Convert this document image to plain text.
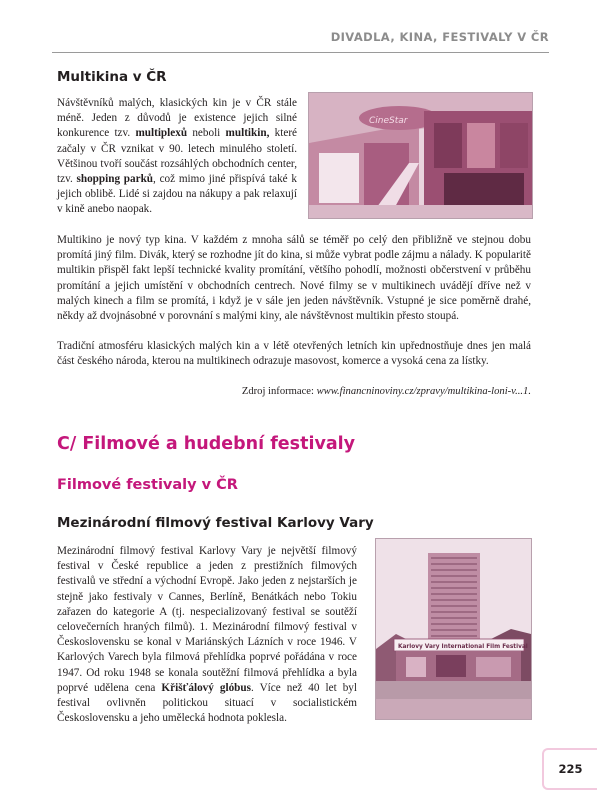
DIVADLA, KINA, FESTIVALY V ČR
Multikina v ČR

Návštěvníků malých, klasických kin je v ČR stále méně. Jeden z důvodů je existence jejich silné konkurence tzv. multiplexů neboli multikin, které začaly v ČR vznikat v 90. letech minulého století. Většinou tvoří součást rozsáhlých obchodních center, tzv. shopping parků, což mimo jiné přispívá také k jejich oblibě. Lidé si zajdou na nákupy a pak relaxují v kině anebo naopak.

CineStar

Multikino je nový typ kina. V každém z mnoha sálů se téměř po celý den přibližně ve stejnou dobu promítá jiný film. Divák, který se rozhodne jít do kina, si může vybrat podle zájmu a nálady. K popularitě multikin přispěl fakt lepší technické kvality promítání, většího pohodlí, možnosti občerstvení v průběhu promítání a jejich umístění v obchodních centrech. Nové filmy se v multikinech uvádějí dříve než v malých kinech a film se promítá, i když je v sále jen jeden návštěvník. Vstupné je sice poměrně drahé, někdy až dvojnásobné v porovnání s malými kiny, ale návštěvnost multikin přesto stoupá.

Tradiční atmosféru klasických malých kin a v létě otevřených letních kin upřednostňuje dnes jen malá část českého národa, kterou na multikinech odrazuje masovost, komerce a vysoká cena za lístky.

Zdroj informace: www.financninoviny.cz/zpravy/multikina-loni-v...1.
C/ Filmové a hudební festivaly
Filmové festivaly v ČR
Mezinárodní filmový festival Karlovy Vary

Mezinárodní filmový festival Karlovy Vary je největší filmový festival v České republice a jeden z prestižních filmových festivalů ve střední a východní Evropě. Jako jeden z nejstarších je stejně jako festivaly v Cannes, Berlíně, Benátkách nebo Tokiu zařazen do kategorie A (tj. nespecializovaný festival se soutěží celovečerních hraných filmů). 1. Mezinárodní filmový festival v Československu se konal v Mariánských Lázních v roce 1946. V Karlových Varech byla filmová přehlídka poprvé pořádána v roce 1947. Od roku 1948 se konala soutěžní filmová přehlídka a byla poprvé udělena cena Křišťálový glóbus. Více než 40 let byl festival ovlivněn politickou situací v socialistickém Československu a jeho umělecká hodnota poklesla.

Karlovy Vary International Film Festival
225
